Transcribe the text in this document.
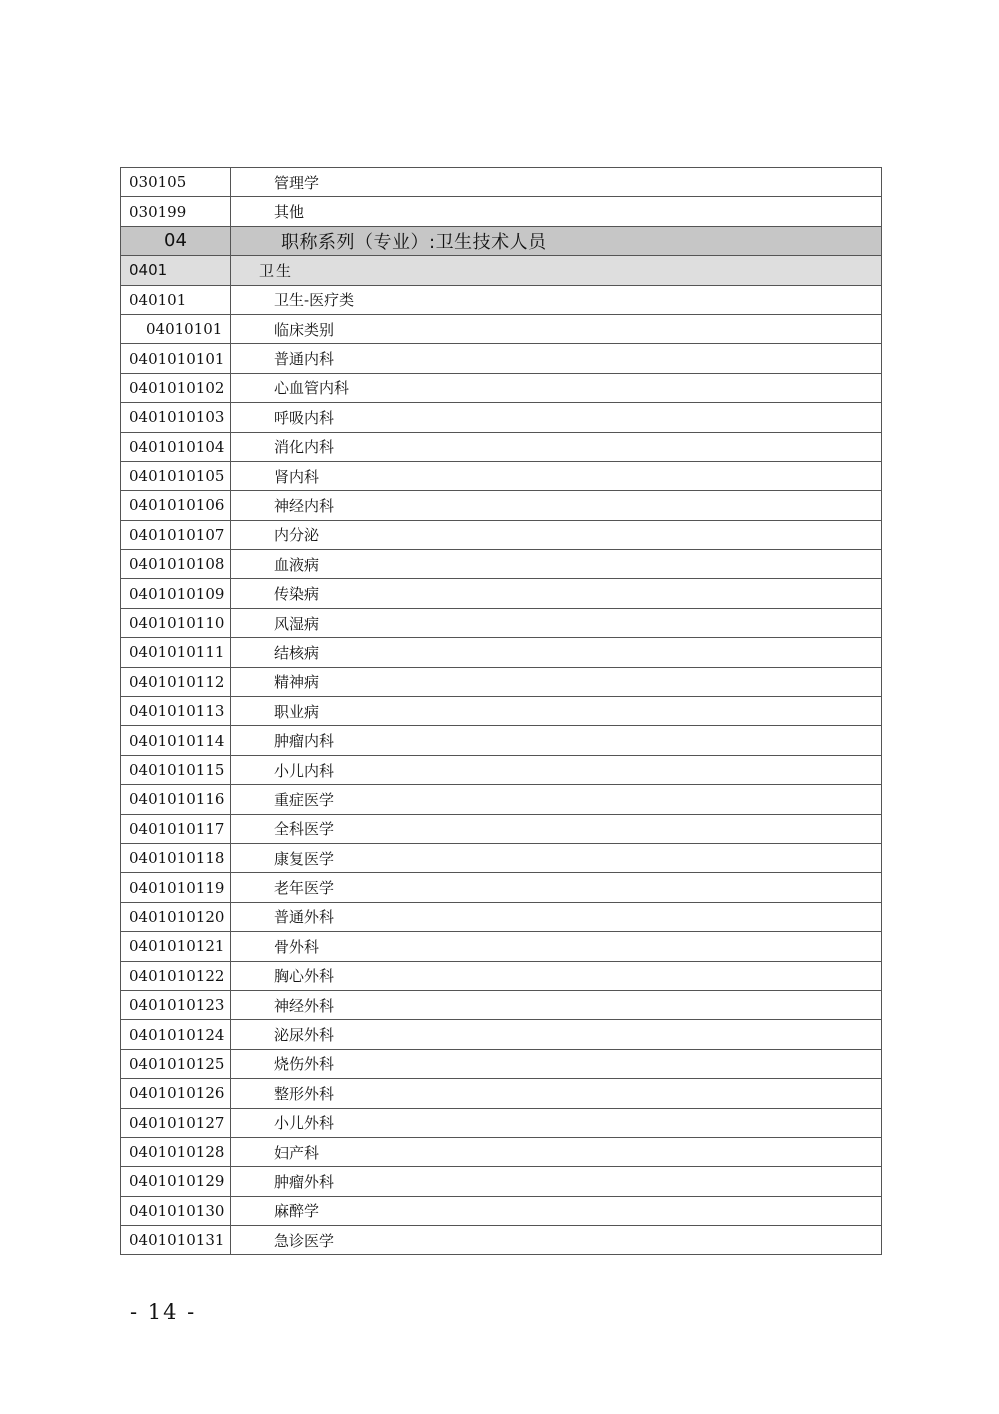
030105	管理学
030199	其他
04	职称系列（专业）:卫生技术人员
0401	卫生
040101	卫生-医疗类
04010101	临床类别
0401010101	普通内科
0401010102	心血管内科
0401010103	呼吸内科
0401010104	消化内科
0401010105	肾内科
0401010106	神经内科
0401010107	内分泌
0401010108	血液病
0401010109	传染病
0401010110	风湿病
0401010111	结核病
0401010112	精神病
0401010113	职业病
0401010114	肿瘤内科
0401010115	小儿内科
0401010116	重症医学
0401010117	全科医学
0401010118	康复医学
0401010119	老年医学
0401010120	普通外科
0401010121	骨外科
0401010122	胸心外科
0401010123	神经外科
0401010124	泌尿外科
0401010125	烧伤外科
0401010126	整形外科
0401010127	小儿外科
0401010128	妇产科
0401010129	肿瘤外科
0401010130	麻醉学
0401010131	急诊医学
- 14 -
